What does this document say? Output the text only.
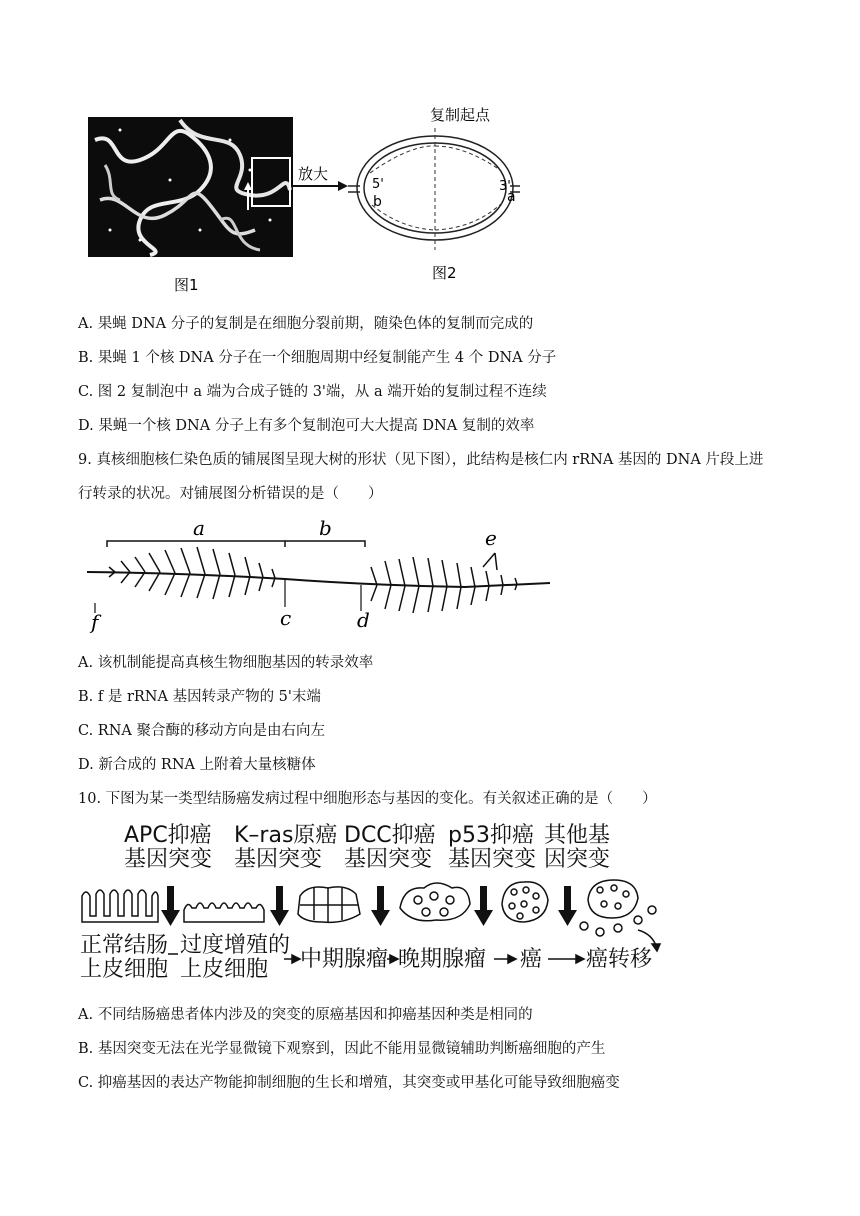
图1
放大
复制起点
5'
b
3'
a
图2
A. 果蝇 DNA 分子的复制是在细胞分裂前期，随染色体的复制而完成的
B. 果蝇 1 个核 DNA 分子在一个细胞周期中经复制能产生 4 个 DNA 分子
C. 图 2 复制泡中 a 端为合成子链的 3'端，从 a 端开始的复制过程不连续
D. 果蝇一个核 DNA 分子上有多个复制泡可大大提高 DNA 复制的效率
9. 真核细胞核仁染色质的铺展图呈现大树的形状（见下图），此结构是核仁内 rRNA 基因的 DNA 片段上进
行转录的状况。对铺展图分析错误的是（　　）
a	b
c	d
e
f
A. 该机制能提高真核生物细胞基因的转录效率
B. f 是 rRNA 基因转录产物的 5'末端
C. RNA 聚合酶的移动方向是由右向左
D. 新合成的 RNA 上附着大量核糖体
10. 下图为某一类型结肠癌发病过程中细胞形态与基因的变化。有关叙述正确的是（　　）
APC抑癌
基因突变
K–ras原癌
基因突变
DCC抑癌
基因突变
p53抑癌
基因突变
其他基
因突变
正常结肠
上皮细胞
过度增殖的
上皮细胞 中期腺瘤 晚期腺瘤 癌 癌转移
A. 不同结肠癌患者体内涉及的突变的原癌基因和抑癌基因种类是相同的
B. 基因突变无法在光学显微镜下观察到，因此不能用显微镜辅助判断癌细胞的产生
C. 抑癌基因的表达产物能抑制细胞的生长和增殖，其突变或甲基化可能导致细胞癌变
